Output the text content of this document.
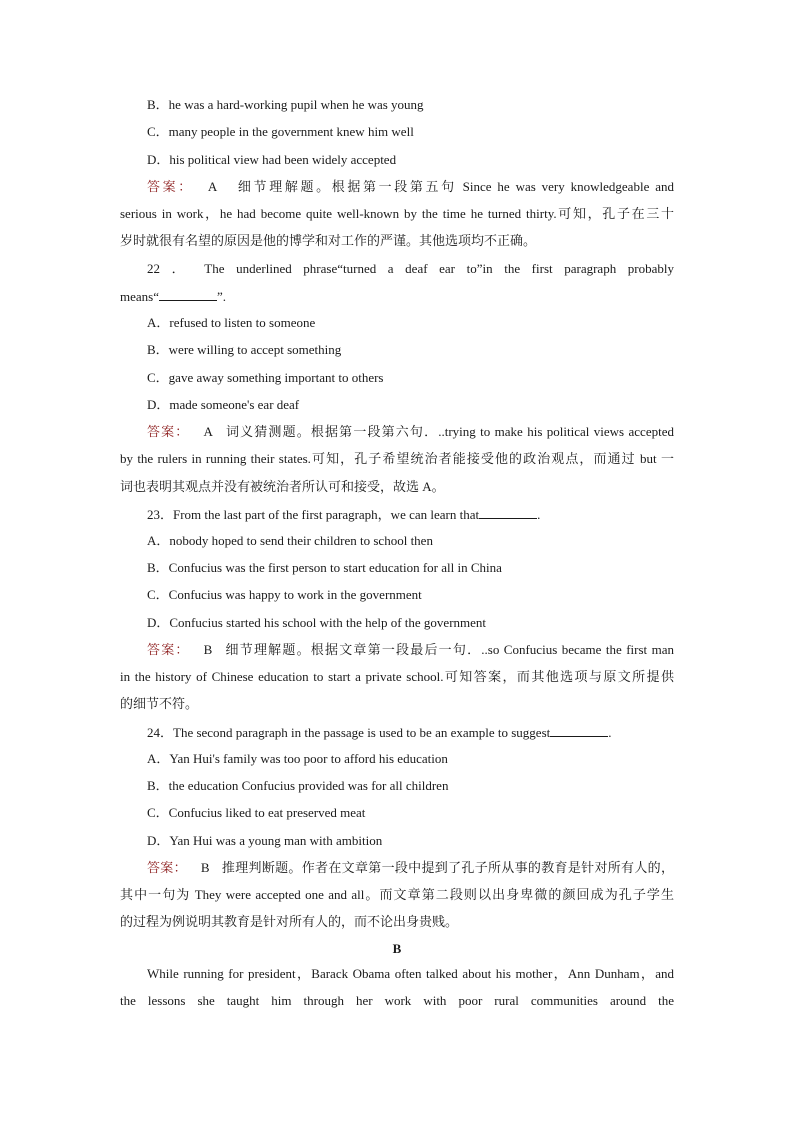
B．he was a hard-working pupil when he was young
C．many people in the government knew him well
D．his political view had been widely accepted
答案： A 细节理解题。根据第一段第五句 Since he was very knowledgeable and
serious in work，he had become quite well-known by the time he turned thirty.可知，孔子在三十
岁时就很有名望的原因是他的博学和对工作的严谨。其他选项均不正确。
22 ． The underlined phrase“turned a deaf ear to”in the first paragraph probably
means“	”.
A．refused to listen to someone
B．were willing to accept something
C．gave away something important to others
D．made someone's ear deaf
答案： A 词义猜测题。根据第一段第六句．..trying to make his political views accepted
by the rulers in running their states.可知，孔子希望统治者能接受他的政治观点，而通过 but 一
词也表明其观点并没有被统治者所认可和接受，故选 A。
23．From the last part of the first paragraph，we can learn that	.
A．nobody hoped to send their children to school then
B．Confucius was the first person to start education for all in China
C．Confucius was happy to work in the government
D．Confucius started his school with the help of the government
答案： B 细节理解题。根据文章第一段最后一句．..so Confucius became the first man
in the history of Chinese education to start a private school.可知答案，而其他选项与原文所提供
的细节不符。
24．The second paragraph in the passage is used to be an example to suggest	.
A．Yan Hui's family was too poor to afford his education
B．the education Confucius provided was for all children
C．Confucius liked to eat preserved meat
D．Yan Hui was a young man with ambition
答案： B 推理判断题。作者在文章第一段中提到了孔子所从事的教育是针对所有人的，
其中一句为 They were accepted one and all。而文章第二段则以出身卑微的颜回成为孔子学生
的过程为例说明其教育是针对所有人的，而不论出身贵贱。
B
While running for president，Barack Obama often talked about his mother，Ann Dunham，and
the lessons she taught him through her work with poor rural communities around the
